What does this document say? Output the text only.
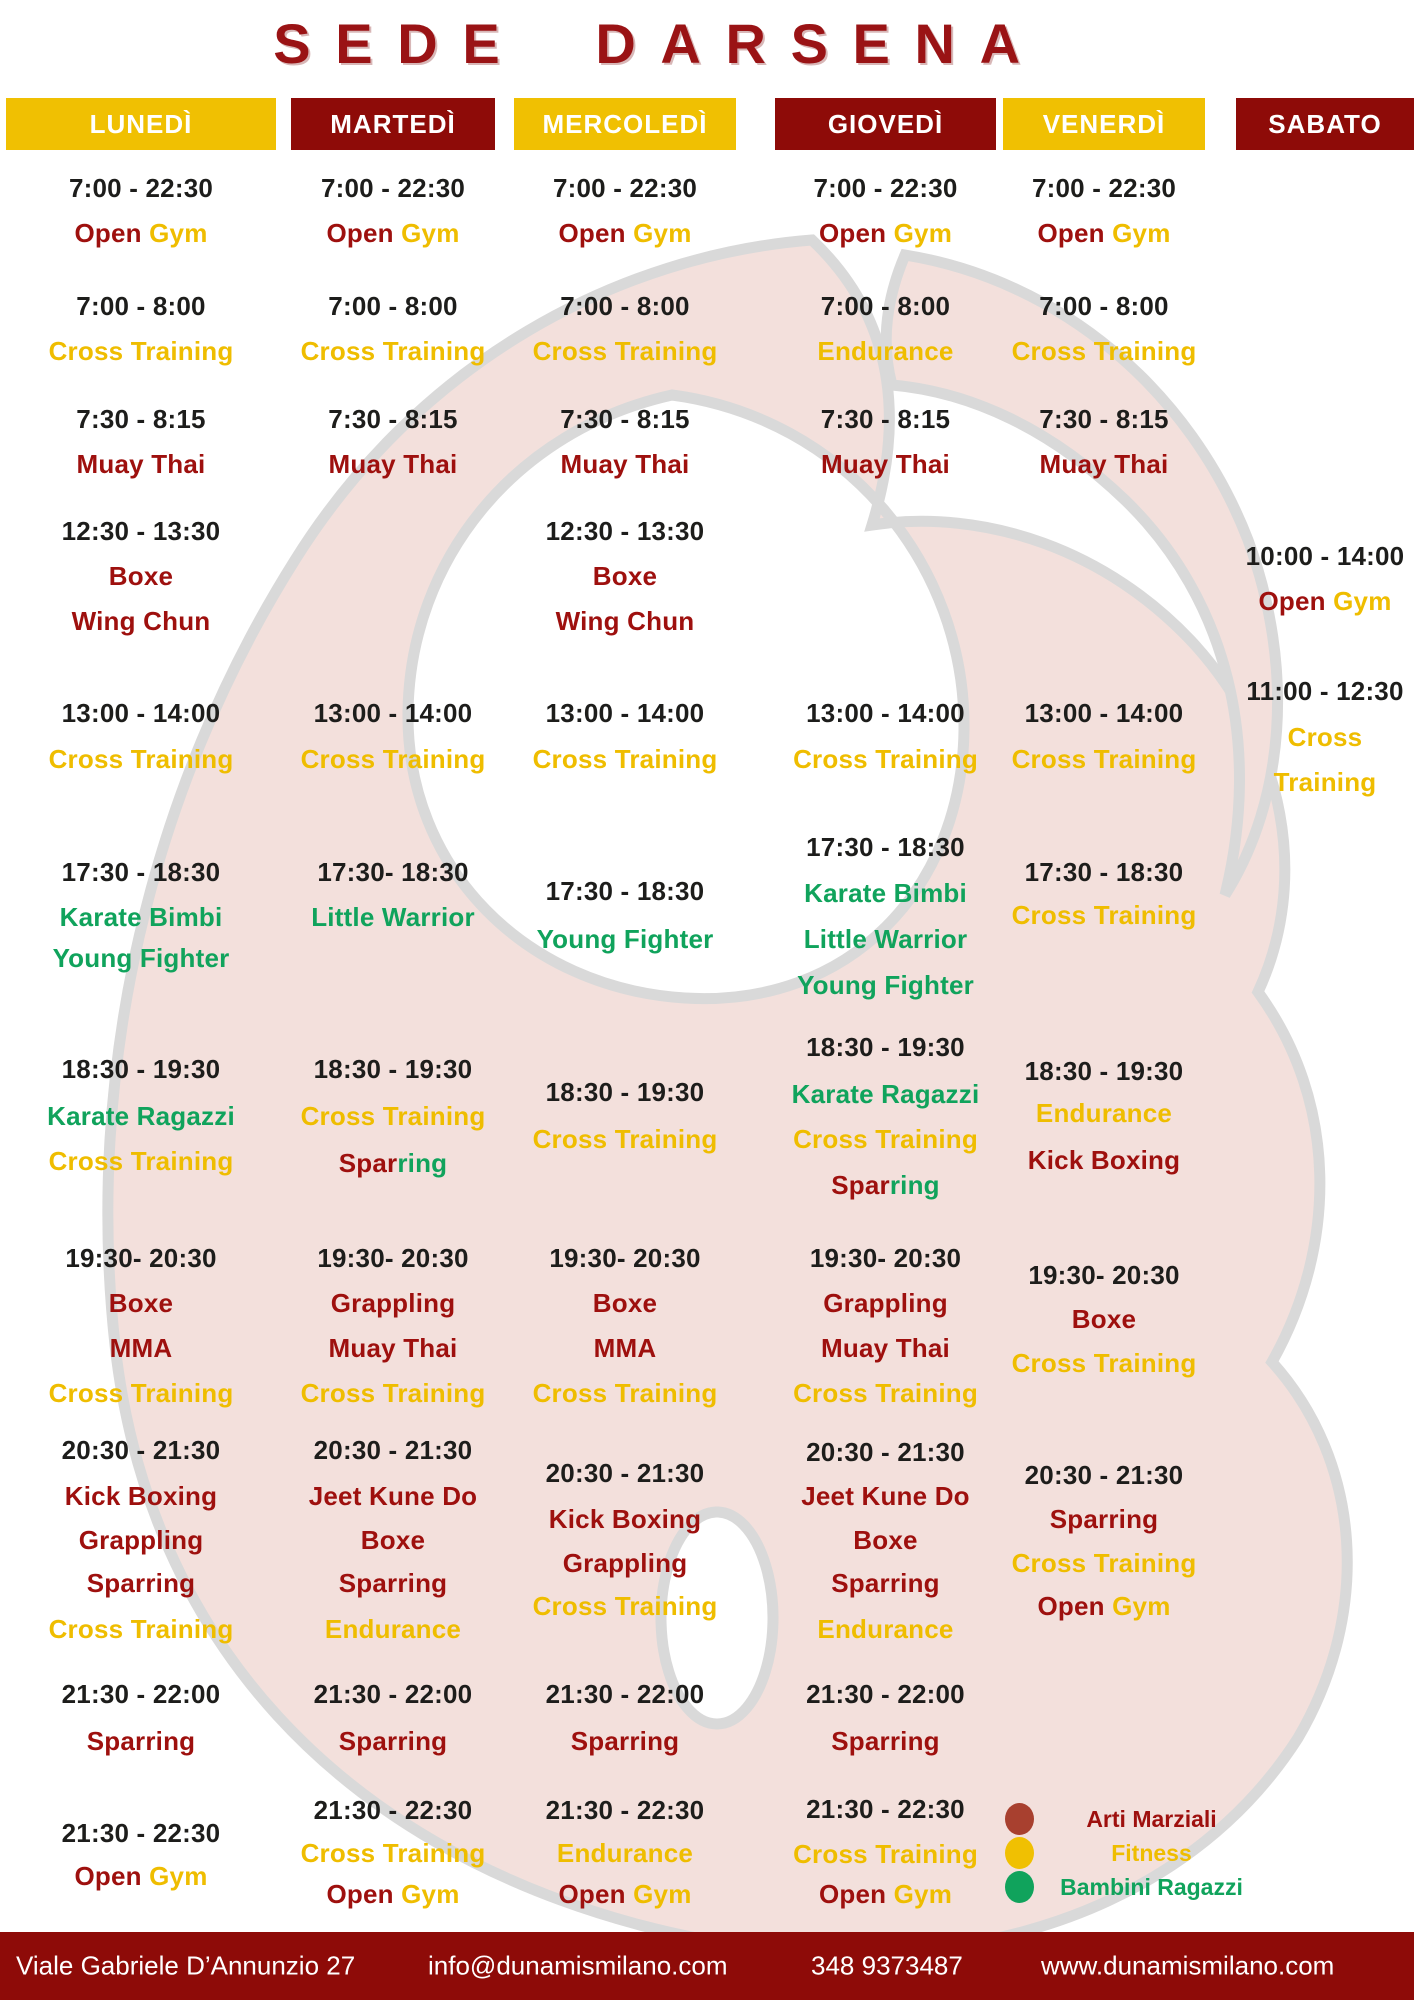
SEDE DARSENA
LUNEDÌ
7:00 - 22:30
Open Gym
7:00 - 8:00
Cross Training
7:30 - 8:15
Muay Thai
12:30 - 13:30
Boxe
Wing Chun
13:00 - 14:00
Cross Training
17:30 - 18:30
Karate Bimbi
Young Fighter
18:30 - 19:30
Karate Ragazzi
Cross Training
19:30- 20:30
Boxe
MMA
Cross Training
20:30 - 21:30
Kick Boxing
Grappling
Sparring
Cross Training
21:30 - 22:00
Sparring
21:30 - 22:30
Open Gym
MARTEDÌ
7:00 - 22:30
Open Gym
7:00 - 8:00
Cross Training
7:30 - 8:15
Muay Thai
13:00 - 14:00
Cross Training
17:30- 18:30
Little Warrior
18:30 - 19:30
Cross Training
Spar ring
19:30- 20:30
Grappling
Muay Thai
Cross Training
20:30 - 21:30
Jeet Kune Do
Boxe
Sparring
Endurance
21:30 - 22:00
Sparring
21:30 - 22:30
Cross Training
Open Gym
MERCOLEDÌ
7:00 - 22:30
Open Gym
7:00 - 8:00
Cross Training
7:30 - 8:15
Muay Thai
12:30 - 13:30
Boxe
Wing Chun
13:00 - 14:00
Cross Training
17:30 - 18:30
Young Fighter
18:30 - 19:30
Cross Training
19:30- 20:30
Boxe
MMA
Cross Training
20:30 - 21:30
Kick Boxing
Grappling
Cross Training
21:30 - 22:00
Sparring
21:30 - 22:30
Endurance
Open Gym
GIOVEDÌ
7:00 - 22:30
Open Gym
7:00 - 8:00
Endurance
7:30 - 8:15
Muay Thai
13:00 - 14:00
Cross Training
17:30 - 18:30
Karate Bimbi
Little Warrior
Young Fighter
18:30 - 19:30
Karate Ragazzi
Cross Training
Spar ring
19:30- 20:30
Grappling
Muay Thai
Cross Training
20:30 - 21:30
Jeet Kune Do
Boxe
Sparring
Endurance
21:30 - 22:00
Sparring
21:30 - 22:30
Cross Training
Open Gym
VENERDÌ
7:00 - 22:30
Open Gym
7:00 - 8:00
Cross Training
7:30 - 8:15
Muay Thai
13:00 - 14:00
Cross Training
17:30 - 18:30
Cross Training
18:30 - 19:30
Endurance
Kick Boxing
19:30- 20:30
Boxe
Cross Training
20:30 - 21:30
Sparring
Cross Training
Open Gym
SABATO
10:00 - 14:00
Open Gym
11:00 - 12:30
Cross
Training
Arti Marziali
Fitness
Bambini Ragazzi
Viale Gabriele D’Annunzio 27	info@dunamismilano.com	348 9373487	www.dunamismilano.com
